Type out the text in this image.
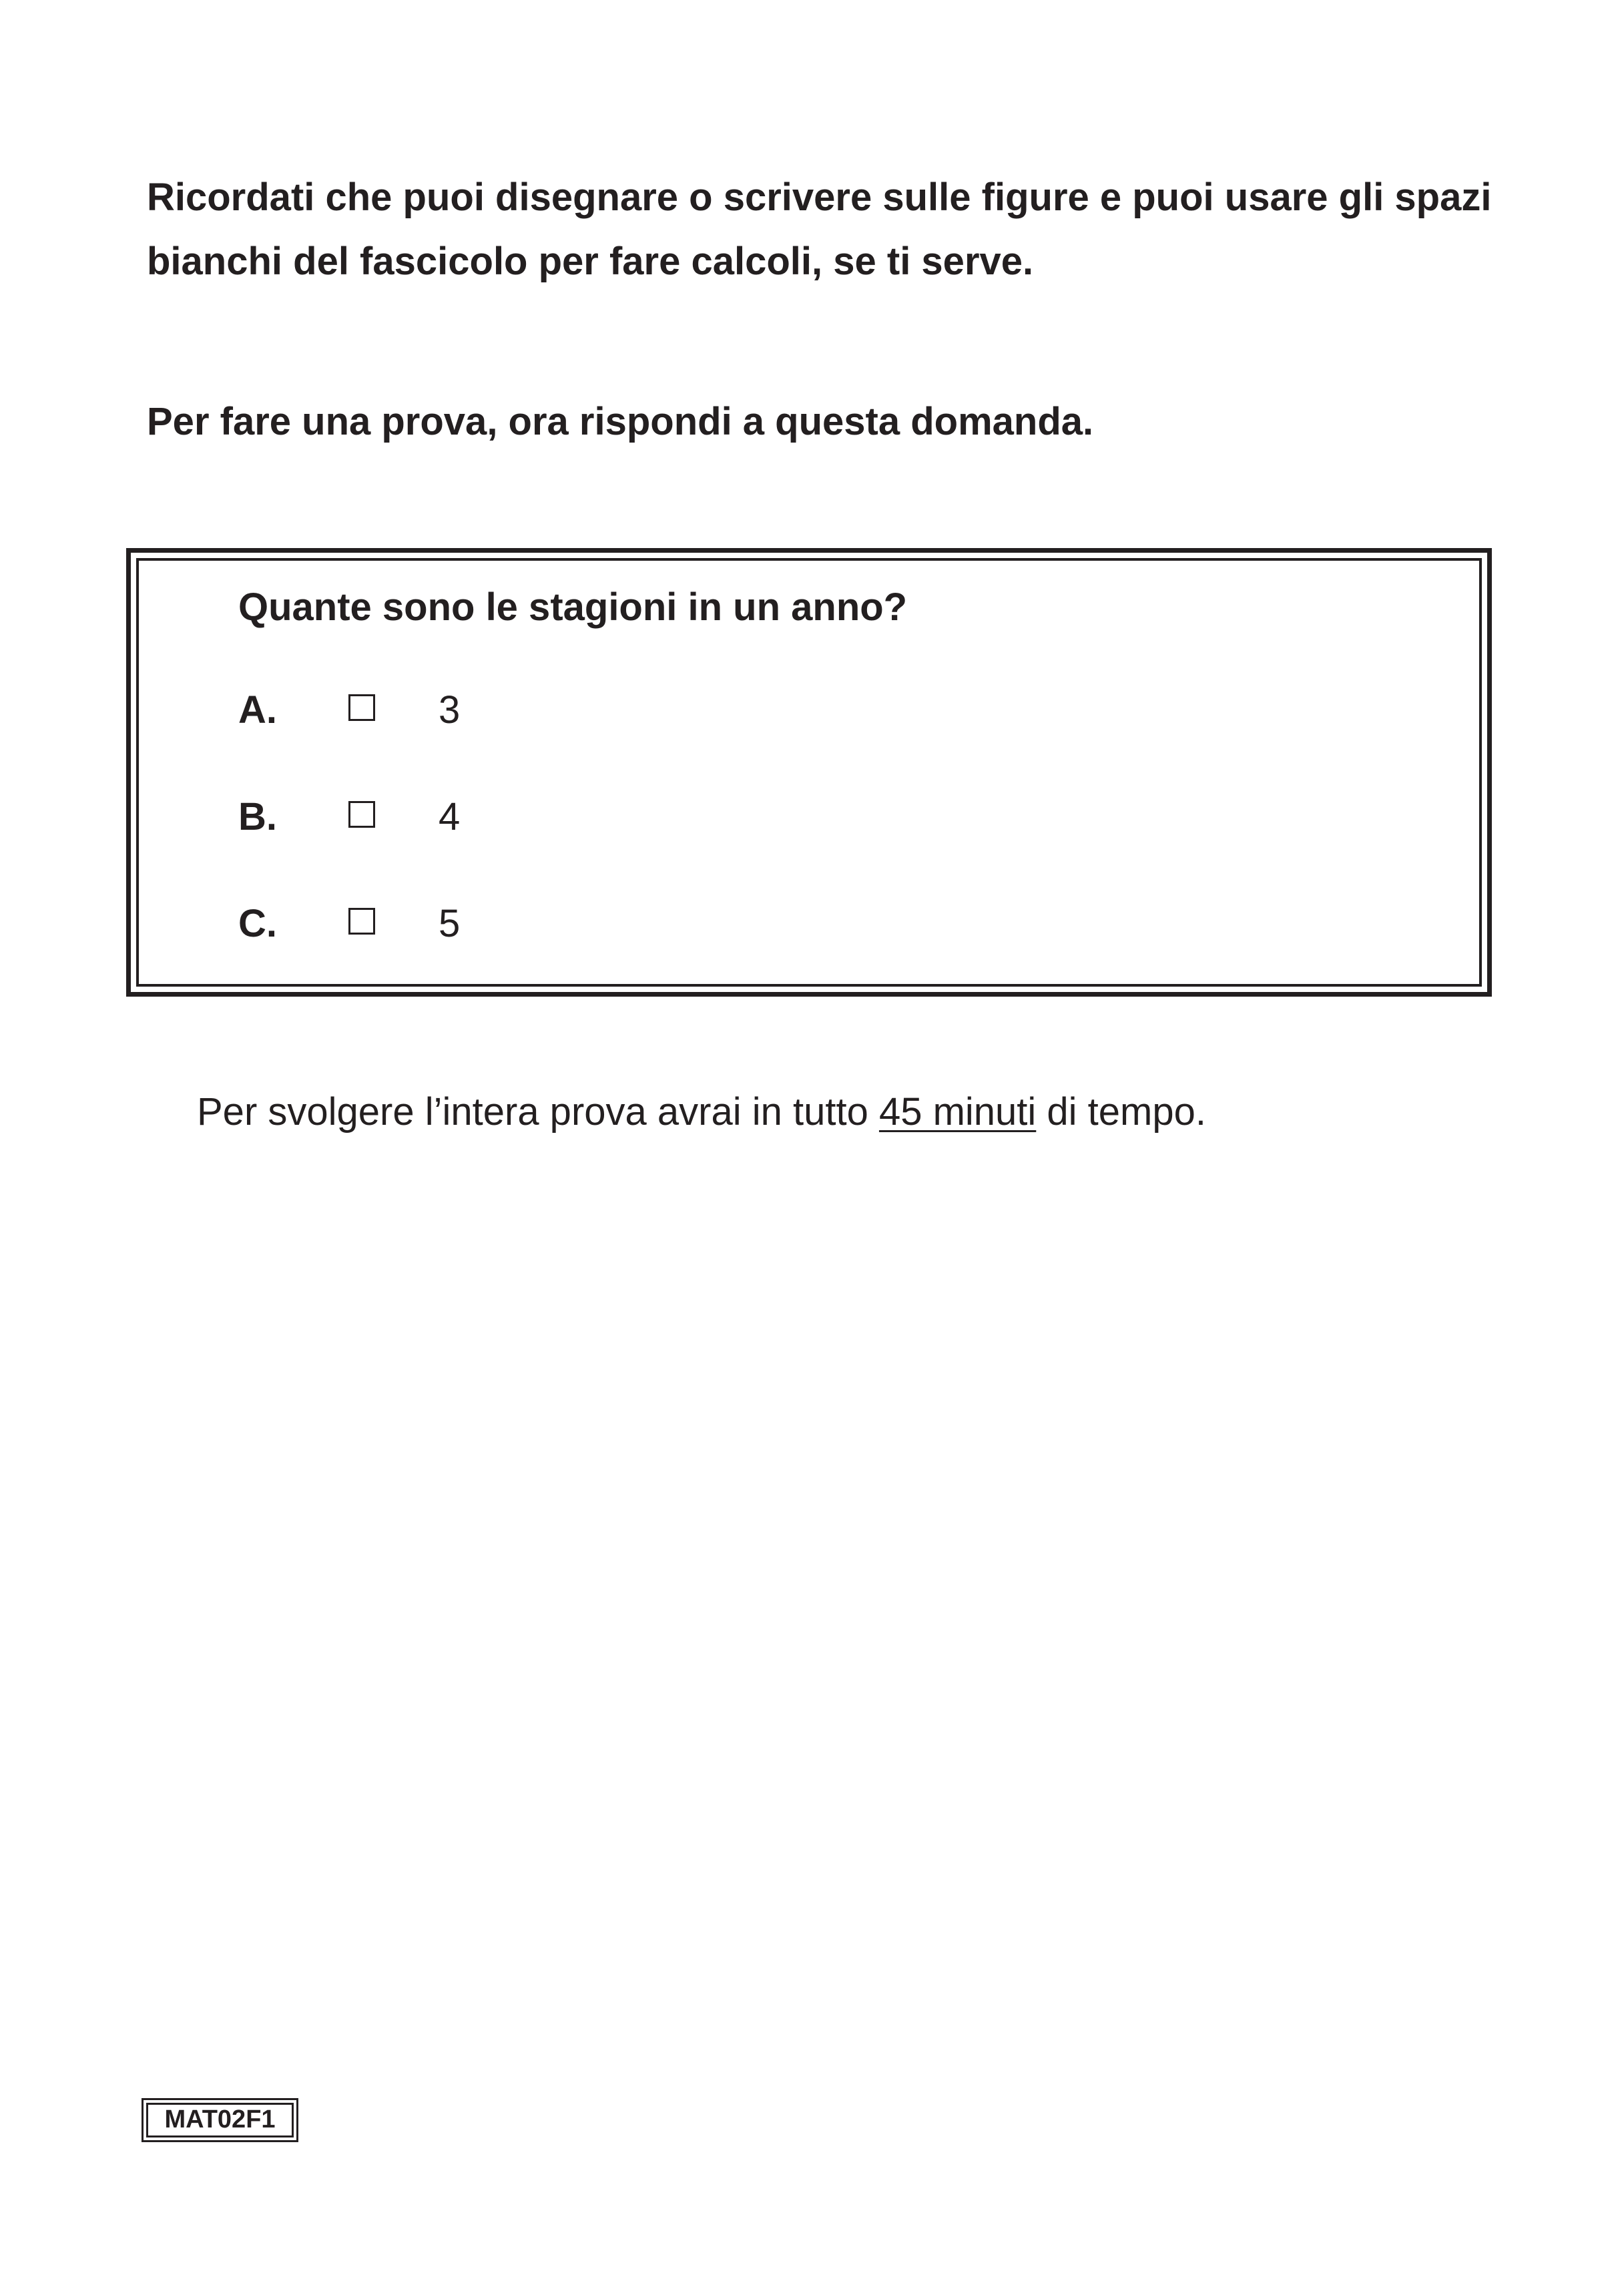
Ricordati che puoi disegnare o scrivere sulle figure e puoi usare gli spazi bianchi del fascicolo per fare calcoli, se ti serve.

Per fare una prova, ora rispondi a questa domanda.

Quante sono le stagioni in un anno?

A.	3
B.	4
C.	5

Per svolgere l’intera prova avrai in tutto 45 minuti di tempo.

MAT02F1
